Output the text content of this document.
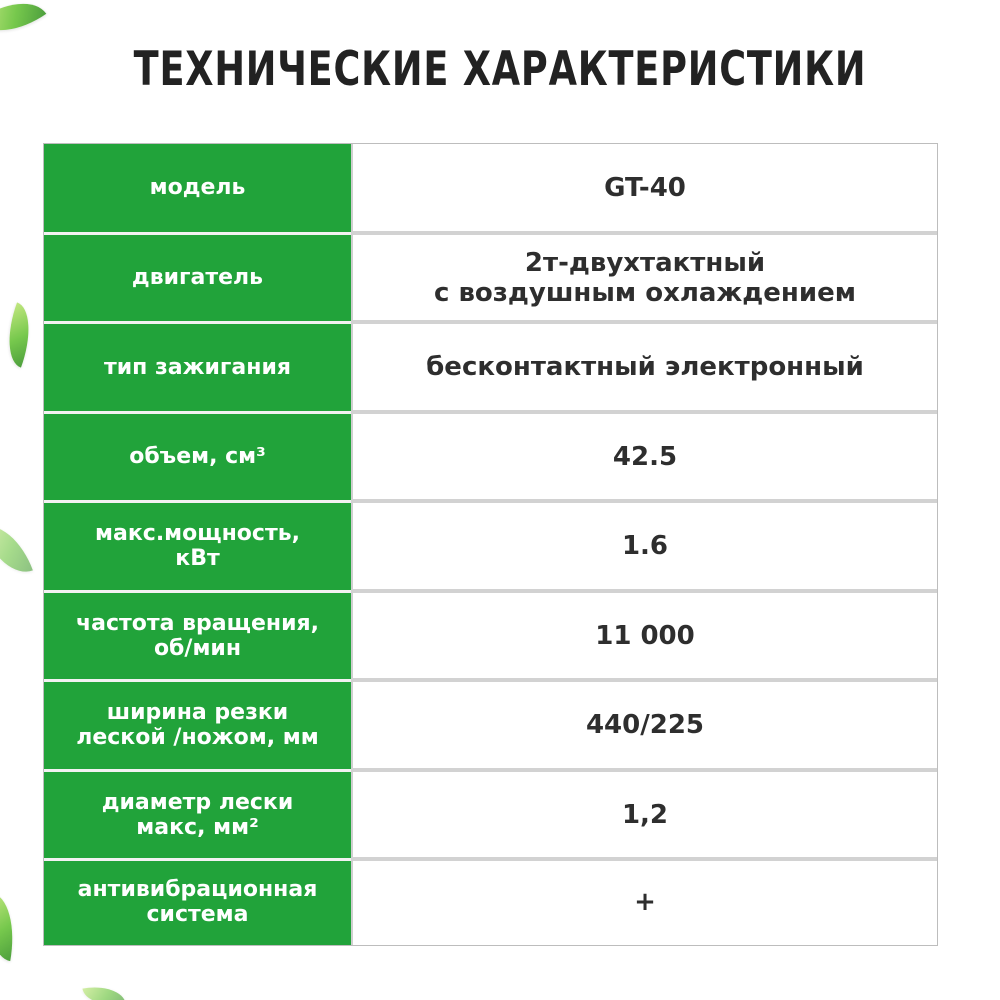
ТЕХНИЧЕСКИЕ ХАРАКТЕРИСТИКИ
модель	GT-40
двигатель	2т-двухтактный
с воздушным охлаждением
тип зажигания	бесконтактный электронный
объем, см³	42.5
макс.мощность,
кВт	1.6
частота вращения,
об/мин	11 000
ширина резки
леской /ножом, мм	440/225
диаметр лески
макс, мм²	1,2
антивибрационная
система	+
